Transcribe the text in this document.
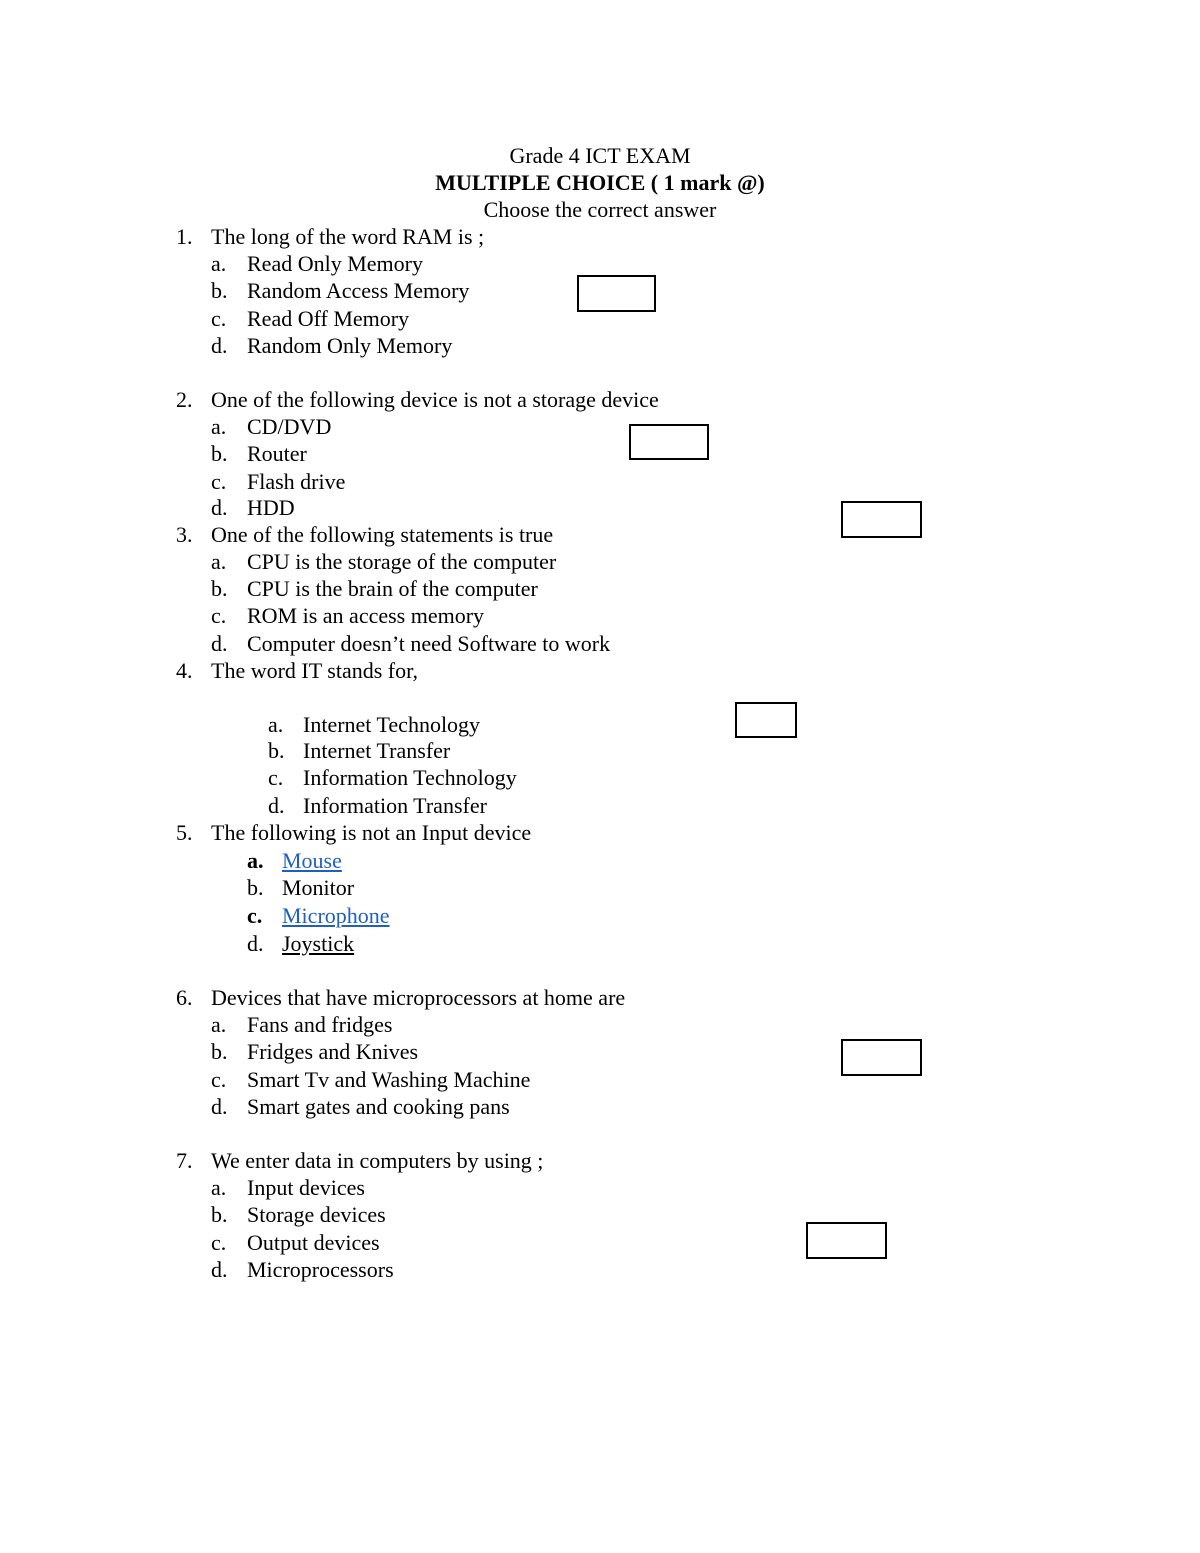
Grade 4 ICT EXAM
MULTIPLE CHOICE ( 1 mark @)
Choose the correct answer
1. The long of the word RAM is ;
a. Read Only Memory
b. Random Access Memory
c. Read Off Memory
d. Random Only Memory
2. One of the following device is not a storage device
a. CD/DVD
b. Router
c. Flash drive
d. HDD
3. One of the following statements is true
a. CPU is the storage of the computer
b. CPU is the brain of the computer
c. ROM is an access memory
d. Computer doesn’t need Software to work
4. The word IT stands for,
a. Internet Technology
b. Internet Transfer
c. Information Technology
d. Information Transfer
5. The following is not an Input device
a. Mouse
b. Monitor
c. Microphone
d. Joystick
6. Devices that have microprocessors at home are
a. Fans and fridges
b. Fridges and Knives
c. Smart Tv and Washing Machine
d. Smart gates and cooking pans
7. We enter data in computers by using ;
a. Input devices
b. Storage devices
c. Output devices
d. Microprocessors
